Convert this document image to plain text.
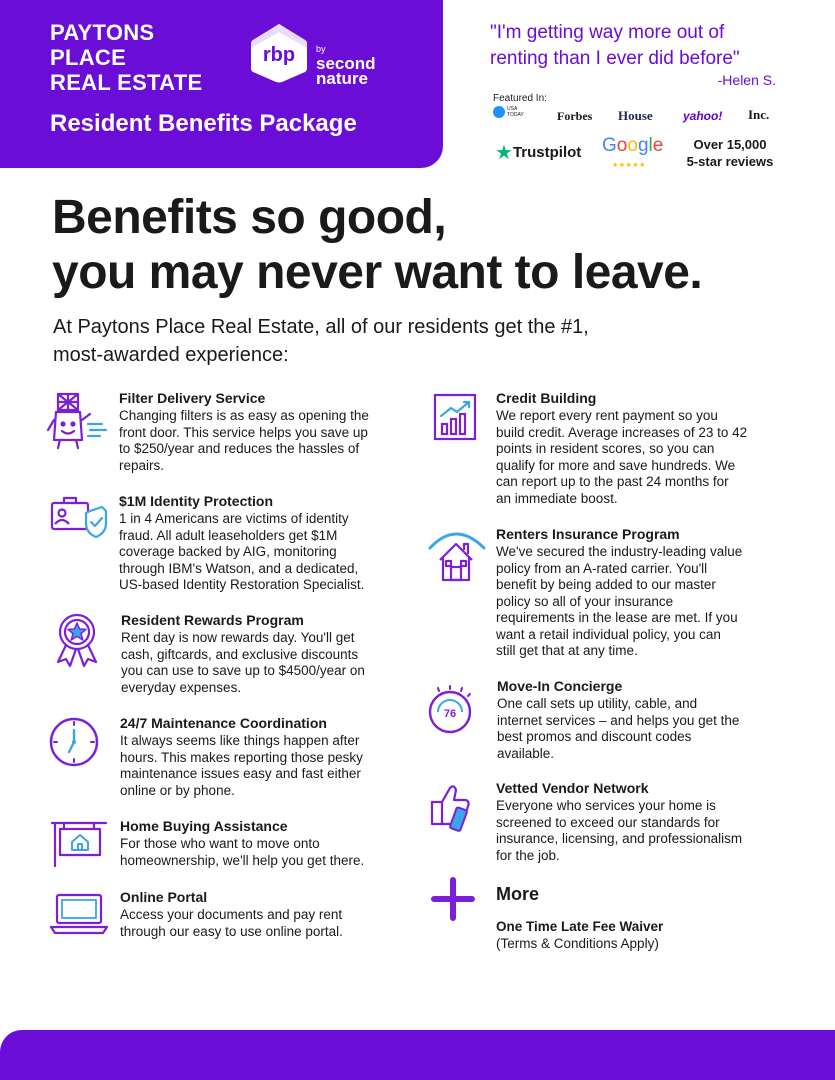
PAYTONS
PLACE
REAL ESTATE
rbp by
second
nature
Resident Benefits Package
"I'm getting way more out of
renting than I ever did before"
-Helen S.
Featured In:
USA
TODAY	Forbes House	yahoo! Inc.
★Trustpilot Google
★★★★★
Over 15,000
5-star reviews
Benefits so good,
you may never want to leave.
At Paytons Place Real Estate, all of our residents get the #1,
most-awarded experience:
Filter Delivery Service
Changing filters is as easy as opening the
front door. This service helps you save up
to $250/year and reduces the hassles of
repairs.
$1M Identity Protection
1 in 4 Americans are victims of identity
fraud. All adult leaseholders get $1M
coverage backed by AIG, monitoring
through IBM's Watson, and a dedicated,
US-based Identity Restoration Specialist.
Resident Rewards Program
Rent day is now rewards day. You'll get
cash, giftcards, and exclusive discounts
you can use to save up to $4500/year on
everyday expenses.
24/7 Maintenance Coordination
It always seems like things happen after
hours. This makes reporting those pesky
maintenance issues easy and fast either
online or by phone.
Home Buying Assistance
For those who want to move onto
homeownership, we'll help you get there.
Online Portal
Access your documents and pay rent
through our easy to use online portal.
Credit Building
We report every rent payment so you
build credit. Average increases of 23 to 42
points in resident scores, so you can
qualify for more and save hundreds. We
can report up to the past 24 months for
an immediate boost.
Renters Insurance Program
We've secured the industry-leading value
policy from an A-rated carrier. You'll
benefit by being added to our master
policy so all of your insurance
requirements in the lease are met. If you
want a retail individual policy, you can
still get that at any time.
76
Move-In Concierge
One call sets up utility, cable, and
internet services – and helps you get the
best promos and discount codes
available.
Vetted Vendor Network
Everyone who services your home is
screened to exceed our standards for
insurance, licensing, and professionalism
for the job.
More
One Time Late Fee Waiver
(Terms & Conditions Apply)
